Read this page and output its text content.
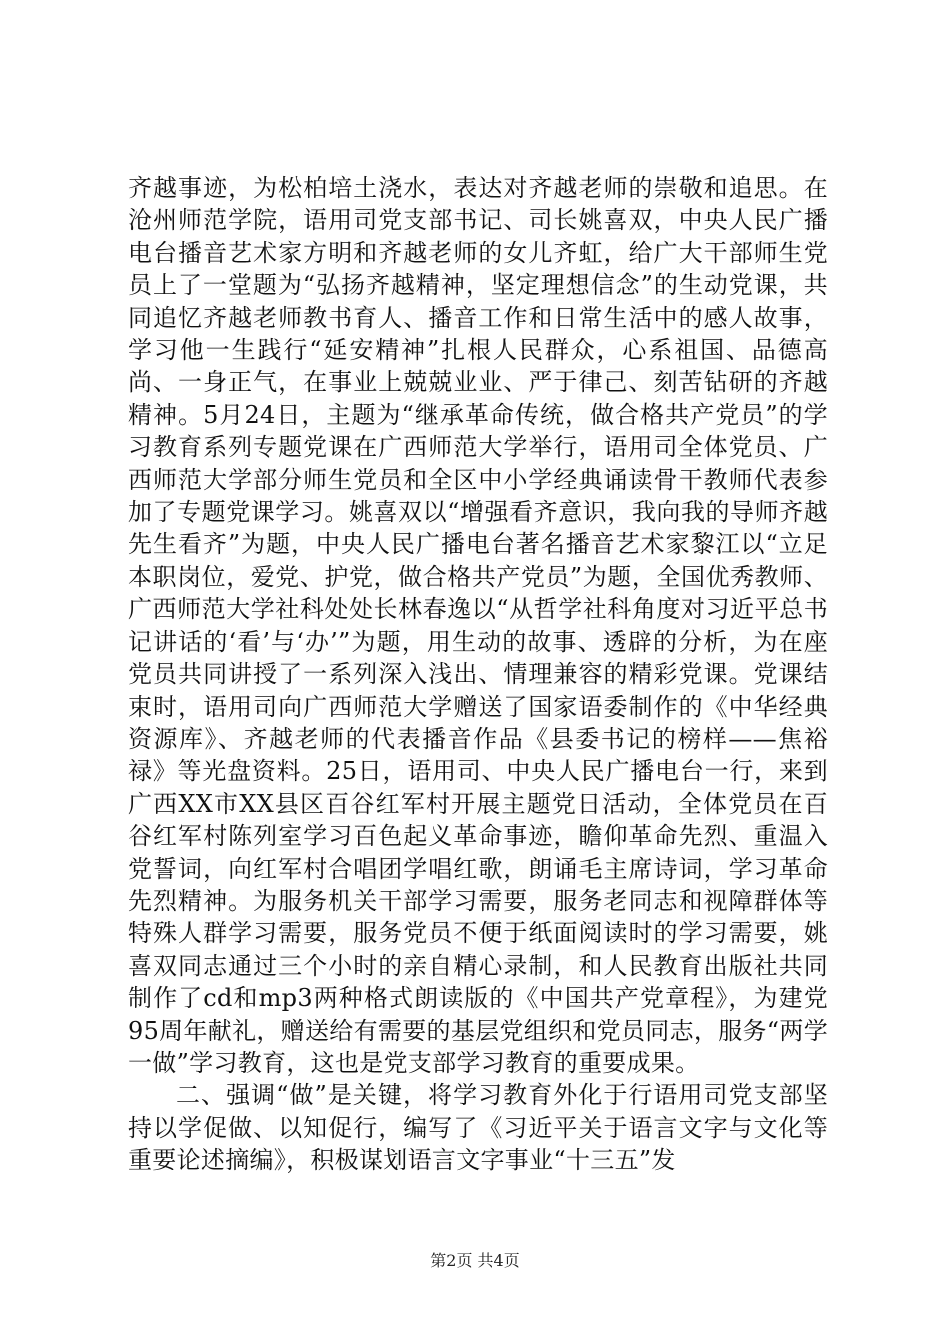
齐越事迹，为松柏培土浇水，表达对齐越老师的崇敬和追思。在沧州师范学院，语用司党支部书记、司长姚喜双，中央人民广播电台播音艺术家方明和齐越老师的女儿齐虹，给广大干部师生党员上了一堂题为“弘扬齐越精神，坚定理想信念”的生动党课，共同追忆齐越老师教书育人、播音工作和日常生活中的感人故事，学习他一生践行“延安精神”扎根人民群众，心系祖国、品德高尚、一身正气，在事业上兢兢业业、严于律己、刻苦钻研的齐越精神。5月24日，主题为“继承革命传统，做合格共产党员”的学习教育系列专题党课在广西师范大学举行，语用司全体党员、广西师范大学部分师生党员和全区中小学经典诵读骨干教师代表参加了专题党课学习。姚喜双以“增强看齐意识，我向我的导师齐越先生看齐”为题，中央人民广播电台著名播音艺术家黎江以“立足本职岗位，爱党、护党，做合格共产党员”为题，全国优秀教师、广西师范大学社科处处长林春逸以“从哲学社科角度对习近平总书记讲话的‘看’与‘办’”为题，用生动的故事、透辟的分析，为在座党员共同讲授了一系列深入浅出、情理兼容的精彩党课。党课结束时，语用司向广西师范大学赠送了国家语委制作的《中华经典资源库》、齐越老师的代表播音作品《县委书记的榜样——焦裕禄》等光盘资料。25日，语用司、中央人民广播电台一行，来到广西XX市XX县区百谷红军村开展主题党日活动，全体党员在百谷红军村陈列室学习百色起义革命事迹，瞻仰革命先烈、重温入党誓词，向红军村合唱团学唱红歌，朗诵毛主席诗词，学习革命先烈精神。为服务机关干部学习需要，服务老同志和视障群体等特殊人群学习需要，服务党员不便于纸面阅读时的学习需要，姚喜双同志通过三个小时的亲自精心录制，和人民教育出版社共同制作了cd和mp3两种格式朗读版的《中国共产党章程》，为建党95周年献礼，赠送给有需要的基层党组织和党员同志，服务“两学一做”学习教育，这也是党支部学习教育的重要成果。

二、强调“做”是关键，将学习教育外化于行语用司党支部坚持以学促做、以知促行，编写了《习近平关于语言文字与文化等重要论述摘编》，积极谋划语言文字事业“十三五”发

第2页 共4页
